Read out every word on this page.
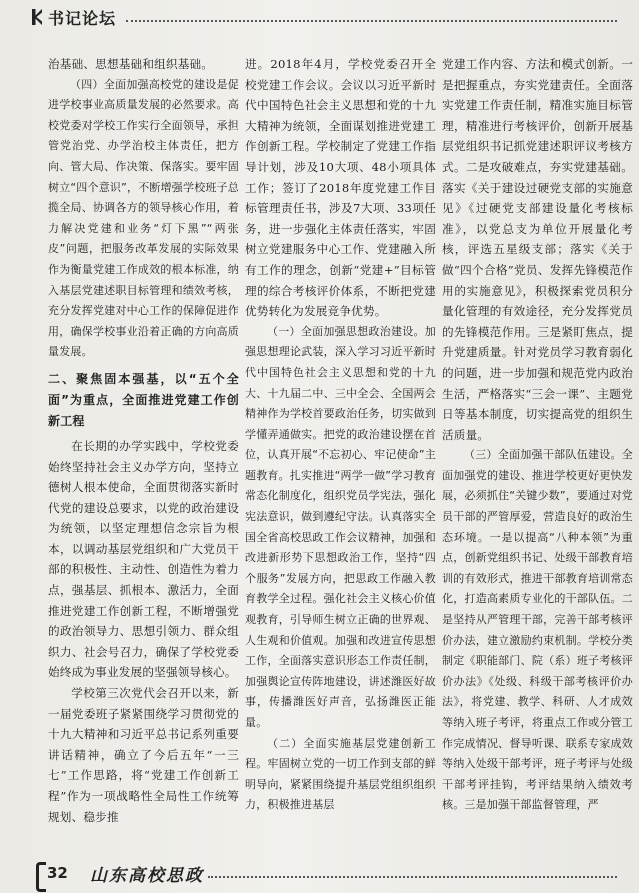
书记论坛

治基础、思想基础和组织基础。

（四）全面加强高校党的建设是促进学校事业高质量发展的必然要求。高校党委对学校工作实行全面领导，承担管党治党、办学治校主体责任，把方向、管大局、作决策、保落实。要牢固树立“四个意识”，不断增强学校班子总揽全局、协调各方的领导核心作用，着力解决党建和业务“灯下黑”“两张皮”问题，把服务改革发展的实际效果作为衡量党建工作成效的根本标准，纳入基层党建述职目标管理和绩效考核，充分发挥党建对中心工作的保障促进作用，确保学校事业沿着正确的方向高质量发展。

二、聚焦固本强基，以“五个全面”为重点，全面推进党建工作创新工程

在长期的办学实践中，学校党委始终坚持社会主义办学方向，坚持立德树人根本使命，全面贯彻落实新时代党的建设总要求，以党的政治建设为统领，以坚定理想信念宗旨为根本，以调动基层党组织和广大党员干部的积极性、主动性、创造性为着力点，强基层、抓根本、激活力，全面推进党建工作创新工程，不断增强党的政治领导力、思想引领力、群众组织力、社会号召力，确保了学校党委始终成为事业发展的坚强领导核心。

学校第三次党代会召开以来，新一届党委班子紧紧围绕学习贯彻党的十九大精神和习近平总书记系列重要讲话精神，确立了今后五年“一三七”工作思路，将“党建工作创新工程”作为一项战略性全局性工作统筹规划、稳步推

进。2018年4月，学校党委召开全校党建工作会议。会议以习近平新时代中国特色社会主义思想和党的十九大精神为统领，全面谋划推进党建工作创新工程。学校制定了党建工作指导计划，涉及10大项、48小项具体工作；签订了2018年度党建工作目标管理责任书，涉及7大项、33项任务，进一步强化主体责任落实，牢固树立党建服务中心工作、党建融入所有工作的理念，创新“党建+”目标管理的综合考核评价体系，不断把党建优势转化为发展竞争优势。

（一）全面加强思想政治建设。加强思想理论武装，深入学习习近平新时代中国特色社会主义思想和党的十九大、十九届二中、三中全会、全国两会精神作为学校首要政治任务，切实做到学懂弄通做实。把党的政治建设摆在首位，认真开展“不忘初心、牢记使命”主题教育。扎实推进“两学一做”学习教育常态化制度化，组织党员学宪法，强化宪法意识，做到遵纪守法。认真落实全国全省高校思政工作会议精神，加强和改进新形势下思想政治工作，坚持“四个服务”发展方向，把思政工作融入教育教学全过程。强化社会主义核心价值观教育，引导师生树立正确的世界观、人生观和价值观。加强和改进宣传思想工作，全面落实意识形态工作责任制，加强舆论宣传阵地建设，讲述潍医好故事，传播潍医好声音，弘扬潍医正能量。

（二）全面实施基层党建创新工程。牢固树立党的一切工作到支部的鲜明导向，紧紧围绕提升基层党组织组织力，积极推进基层

党建工作内容、方法和模式创新。一是把握重点，夯实党建责任。全面落实党建工作责任制，精准实施目标管理，精准进行考核评价，创新开展基层党组织书记抓党建述职评议考核方式。二是攻破难点，夯实党建基础。落实《关于建设过硬党支部的实施意见》《过硬党支部建设量化考核标准》，以党总支为单位开展量化考核，评选五星级支部；落实《关于做“四个合格”党员、发挥先锋模范作用的实施意见》，积极探索党员积分量化管理的有效途径，充分发挥党员的先锋模范作用。三是紧盯焦点，提升党建质量。针对党员学习教育弱化的问题，进一步加强和规范党内政治生活，严格落实“三会一课”、主题党日等基本制度，切实提高党的组织生活质量。

（三）全面加强干部队伍建设。全面加强党的建设、推进学校更好更快发展，必须抓住“关键少数”，要通过对党员干部的严管厚爱，营造良好的政治生态环境。一是以提高“八种本领”为重点，创新党组织书记、处级干部教育培训的有效形式，推进干部教育培训常态化，打造高素质专业化的干部队伍。二是坚持从严管理干部，完善干部考核评价办法，建立激励约束机制。学校分类制定《职能部门、院（系）班子考核评价办法》《处级、科级干部考核评价办法》，将党建、教学、科研、人才成效等纳入班子考评，将重点工作或分管工作完成情况、督导听课、联系专家成效等纳入处级干部考评，班子考评与处级干部考评挂钩，考评结果纳入绩效考核。三是加强干部监督管理，严

32 山东高校思政
